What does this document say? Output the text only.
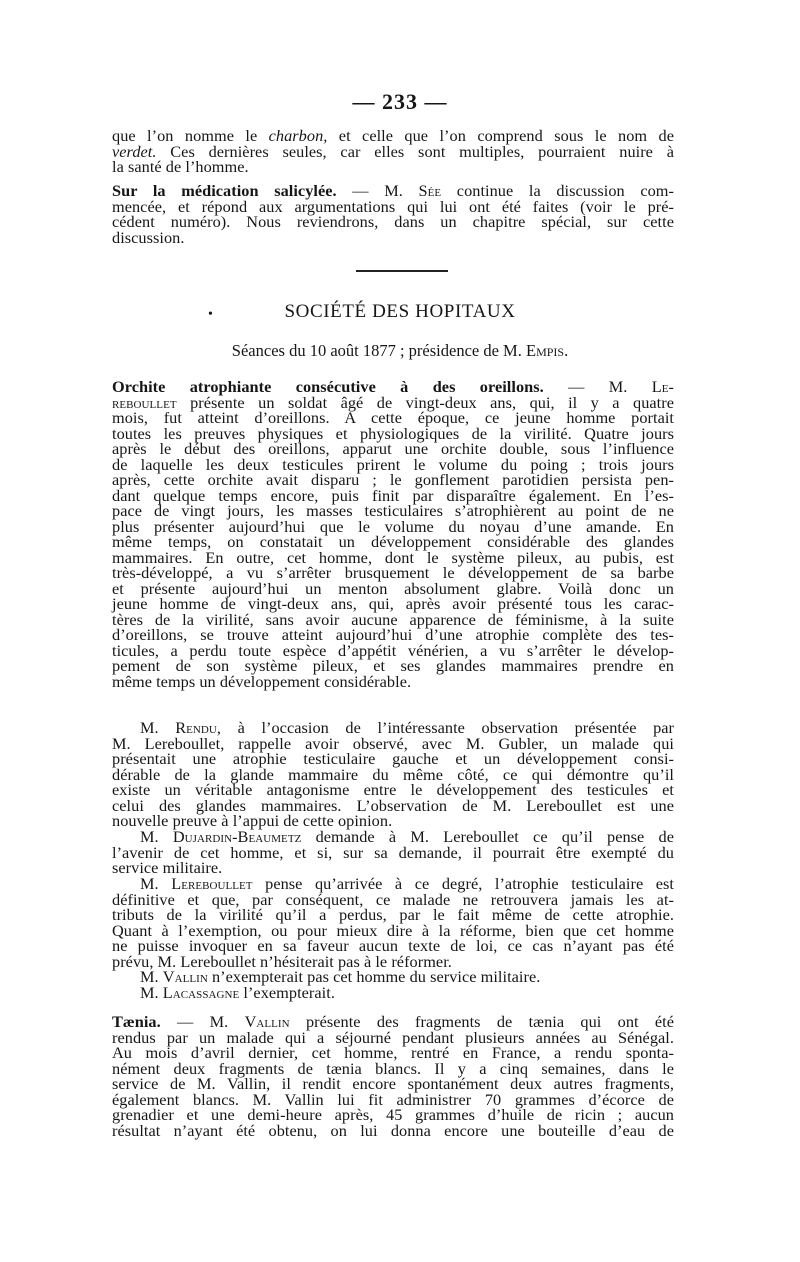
— 233 —
que l’on nomme le charbon, et celle que l’on comprend sous le nom de
verdet. Ces dernières seules, car elles sont multiples, pourraient nuire à
la santé de l’homme.
Sur la médication salicylée. — M. Sée continue la discussion com-
mencée, et répond aux argumentations qui lui ont été faites (voir le pré-
cédent numéro). Nous reviendrons, dans un chapitre spécial, sur cette
discussion.
•	SOCIÉTÉ DES HOPITAUX
Séances du 10 août 1877 ; présidence de M. Empis.
Orchite atrophiante consécutive à des oreillons. — M. Le-
reboullet présente un soldat âgé de vingt-deux ans, qui, il y a quatre
mois, fut atteint d’oreillons. A cette époque, ce jeune homme portait
toutes les preuves physiques et physiologiques de la virilité. Quatre jours
après le début des oreillons, apparut une orchite double, sous l’influence
de laquelle les deux testicules prirent le volume du poing ; trois jours
après, cette orchite avait disparu ; le gonflement parotidien persista pen-
dant quelque temps encore, puis finit par disparaître également. En l’es-
pace de vingt jours, les masses testiculaires s’atrophièrent au point de ne
plus présenter aujourd’hui que le volume du noyau d’une amande. En
même temps, on constatait un développement considérable des glandes
mammaires. En outre, cet homme, dont le système pileux, au pubis, est
très-développé, a vu s’arrêter brusquement le développement de sa barbe
et présente aujourd’hui un menton absolument glabre. Voilà donc un
jeune homme de vingt-deux ans, qui, après avoir présenté tous les carac-
tères de la virilité, sans avoir aucune apparence de féminisme, à la suite
d’oreillons, se trouve atteint aujourd’hui d’une atrophie complète des tes-
ticules, a perdu toute espèce d’appétit vénérien, a vu s’arrêter le dévelop-
pement de son système pileux, et ses glandes mammaires prendre en
même temps un développement considérable.
M. Rendu, à l’occasion de l’intéressante observation présentée par
M. Lereboullet, rappelle avoir observé, avec M. Gubler, un malade qui
présentait une atrophie testiculaire gauche et un développement consi-
dérable de la glande mammaire du même côté, ce qui démontre qu’il
existe un véritable antagonisme entre le développement des testicules et
celui des glandes mammaires. L’observation de M. Lereboullet est une
nouvelle preuve à l’appui de cette opinion.
M. Dujardin-Beaumetz demande à M. Lereboullet ce qu’il pense de
l’avenir de cet homme, et si, sur sa demande, il pourrait être exempté du
service militaire.
M. Lereboullet pense qu’arrivée à ce degré, l’atrophie testiculaire est
définitive et que, par conséquent, ce malade ne retrouvera jamais les at-
tributs de la virilité qu’il a perdus, par le fait même de cette atrophie.
Quant à l’exemption, ou pour mieux dire à la réforme, bien que cet homme
ne puisse invoquer en sa faveur aucun texte de loi, ce cas n’ayant pas été
prévu, M. Lereboullet n’hésiterait pas à le réformer.
M. Vallin n’exempterait pas cet homme du service militaire.
M. Lacassagne l’exempterait.
Tænia. — M. Vallin présente des fragments de tænia qui ont été
rendus par un malade qui a séjourné pendant plusieurs années au Sénégal.
Au mois d’avril dernier, cet homme, rentré en France, a rendu sponta-
nément deux fragments de tænia blancs. Il y a cinq semaines, dans le
service de M. Vallin, il rendit encore spontanément deux autres fragments,
également blancs. M. Vallin lui fit administrer 70 grammes d’écorce de
grenadier et une demi-heure après, 45 grammes d’huile de ricin ; aucun
résultat n’ayant été obtenu, on lui donna encore une bouteille d’eau de
